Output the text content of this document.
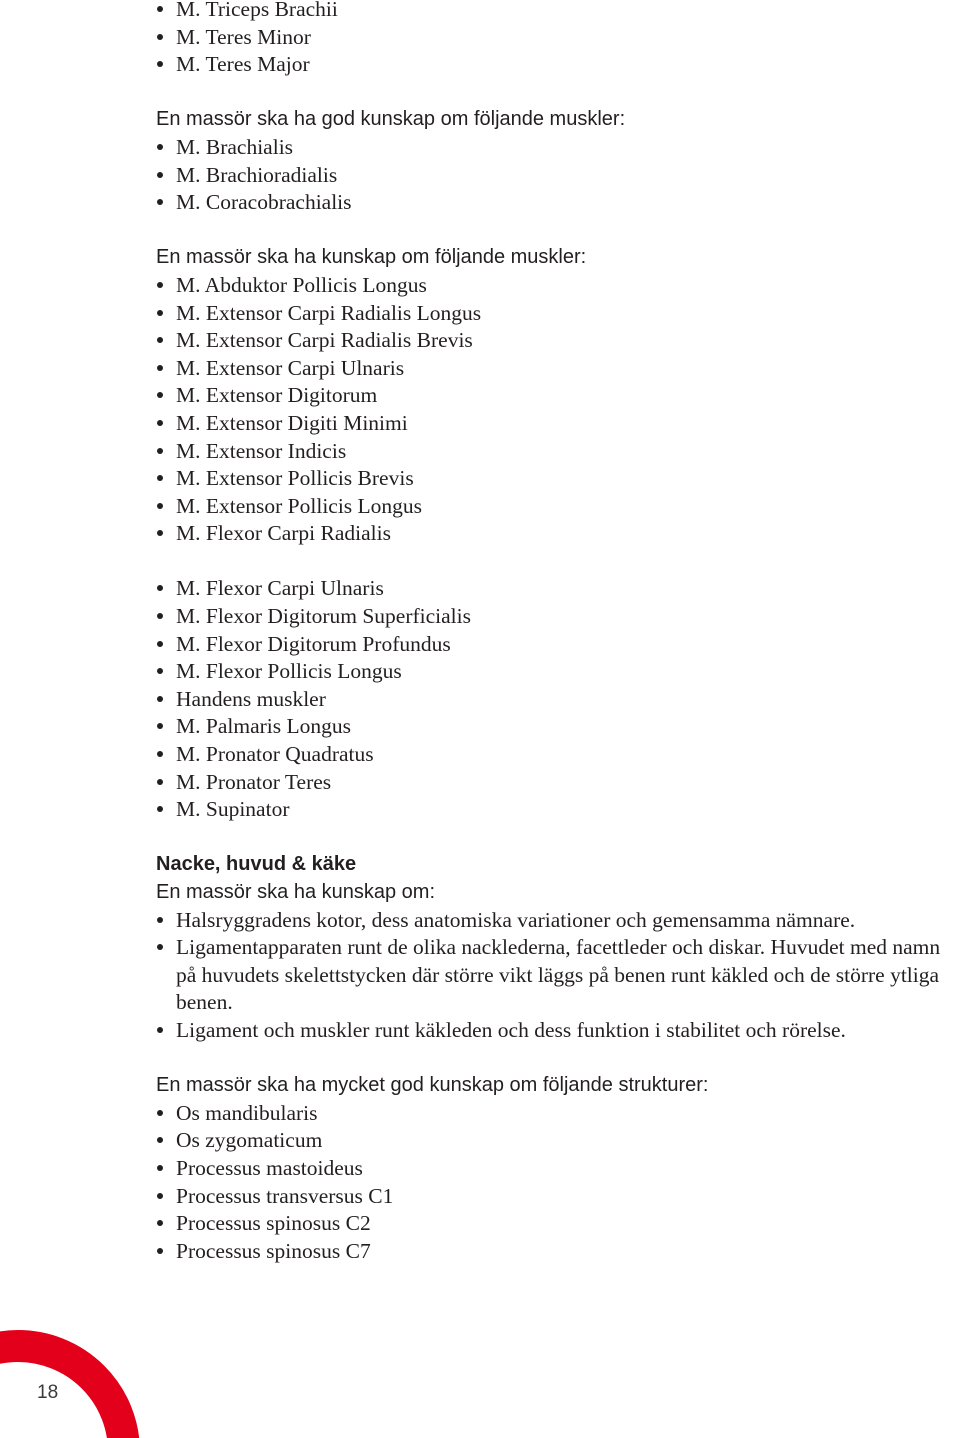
M. Triceps Brachii
M. Teres Minor
M. Teres Major
En massör ska ha god kunskap om följande muskler:
M. Brachialis
M. Brachioradialis
M. Coracobrachialis
En massör ska ha kunskap om följande muskler:
M. Abduktor Pollicis Longus
M. Extensor Carpi Radialis Longus
M. Extensor Carpi Radialis Brevis
M. Extensor Carpi Ulnaris
M. Extensor Digitorum
M. Extensor Digiti Minimi
M. Extensor Indicis
M. Extensor Pollicis Brevis
M. Extensor Pollicis Longus
M. Flexor Carpi Radialis
M. Flexor Carpi Ulnaris
M. Flexor Digitorum Superficialis
M. Flexor Digitorum Profundus
M. Flexor Pollicis Longus
Handens muskler
M. Palmaris Longus
M. Pronator Quadratus
M. Pronator Teres
M. Supinator
Nacke, huvud & käke
En massör ska ha kunskap om:
Halsryggradens kotor, dess anatomiska variationer och gemensamma nämnare.
Ligamentapparaten runt de olika nacklederna, facettleder och diskar. Huvudet med namn på huvudets skelettstycken där större vikt läggs på benen runt käkled och de större ytliga benen.
Ligament och muskler runt käkleden och dess funktion i stabilitet och rörelse.
En massör ska ha mycket god kunskap om följande strukturer:
Os mandibularis
Os zygomaticum
Processus mastoideus
Processus transversus C1
Processus spinosus C2
Processus spinosus C7
18
